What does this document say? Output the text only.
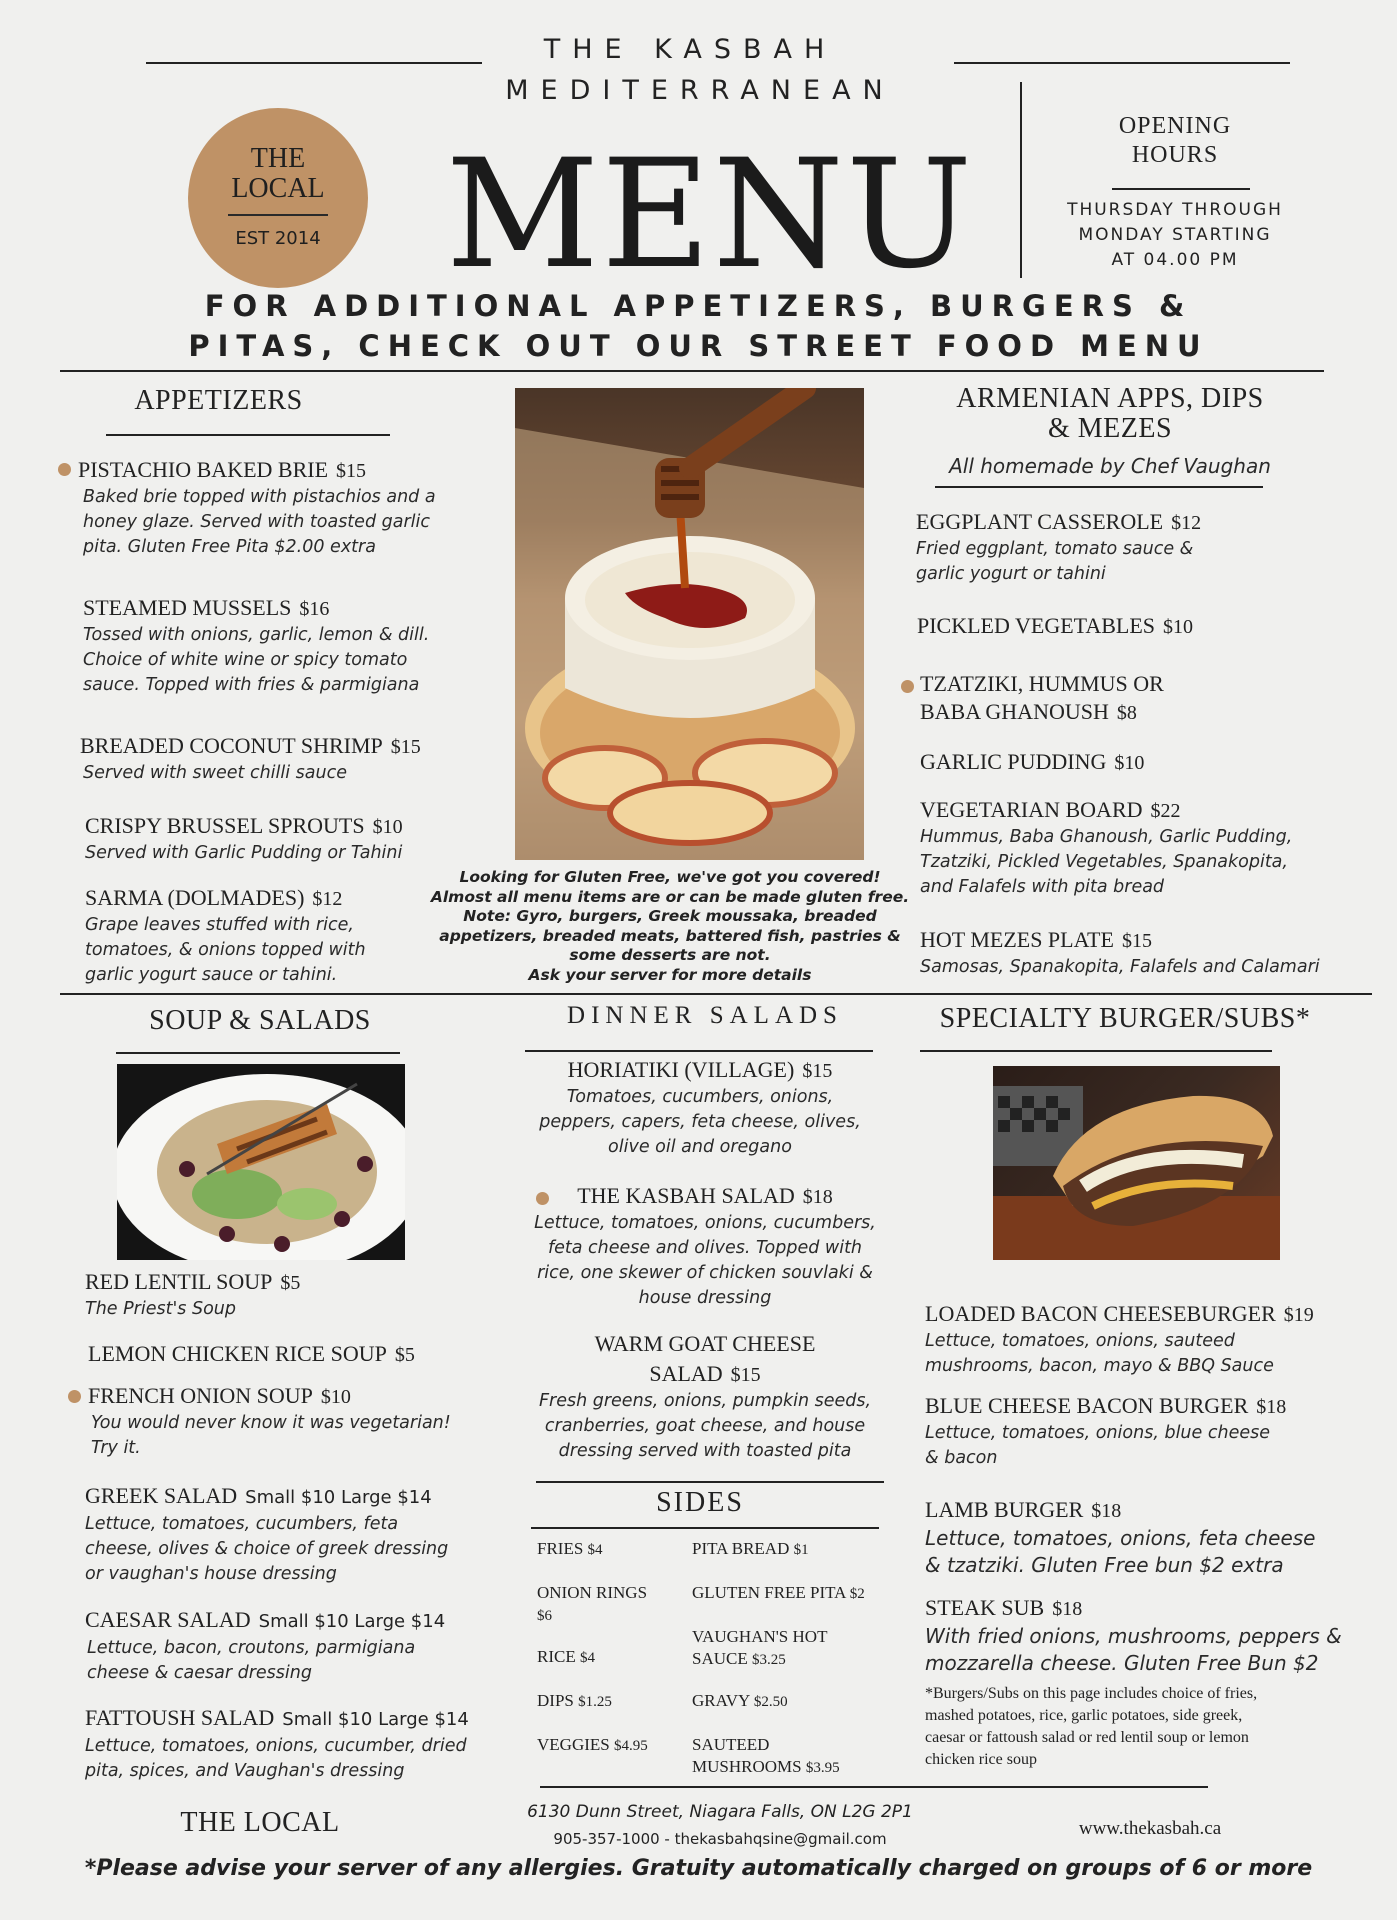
THE KASBAH
MEDITERRANEAN
THE
LOCAL
EST 2014 MENU
OPENING
HOURS
THURSDAY THROUGH
MONDAY STARTING
AT 04.00 PM
FOR ADDITIONAL APPETIZERS, BURGERS &
PITAS, CHECK OUT OUR STREET FOOD MENU
APPETIZERS
PISTACHIO BAKED BRIE $15
Baked brie topped with pistachios and a
honey glaze. Served with toasted garlic
pita. Gluten Free Pita $2.00 extra
STEAMED MUSSELS $16
Tossed with onions, garlic, lemon & dill.
Choice of white wine or spicy tomato
sauce. Topped with fries & parmigiana
BREADED COCONUT SHRIMP $15
Served with sweet chilli sauce
CRISPY BRUSSEL SPROUTS $10
Served with Garlic Pudding or Tahini
SARMA (DOLMADES) $12
Grape leaves stuffed with rice,
tomatoes, & onions topped with
garlic yogurt sauce or tahini.
Looking for Gluten Free, we've got you covered!
Almost all menu items are or can be made gluten free.
Note: Gyro, burgers, Greek moussaka, breaded
appetizers, breaded meats, battered fish, pastries &
some desserts are not.
Ask your server for more details
ARMENIAN APPS, DIPS
& MEZES
All homemade by Chef Vaughan
EGGPLANT CASSEROLE $12
Fried eggplant, tomato sauce &
garlic yogurt or tahini
PICKLED VEGETABLES $10
TZATZIKI, HUMMUS OR
BABA GHANOUSH $8
GARLIC PUDDING $10
VEGETARIAN BOARD $22
Hummus, Baba Ghanoush, Garlic Pudding,
Tzatziki, Pickled Vegetables, Spanakopita,
and Falafels with pita bread
HOT MEZES PLATE $15
Samosas, Spanakopita, Falafels and Calamari
SOUP & SALADS
RED LENTIL SOUP $5
The Priest's Soup
LEMON CHICKEN RICE SOUP $5
FRENCH ONION SOUP $10
You would never know it was vegetarian!
Try it.
GREEK SALAD Small $10 Large $14
Lettuce, tomatoes, cucumbers, feta
cheese, olives & choice of greek dressing
or vaughan's house dressing
CAESAR SALAD Small $10 Large $14
Lettuce, bacon, croutons, parmigiana
cheese & caesar dressing
FATTOUSH SALAD Small $10 Large $14
Lettuce, tomatoes, onions, cucumber, dried
pita, spices, and Vaughan's dressing
DINNER SALADS
HORIATIKI (VILLAGE) $15
Tomatoes, cucumbers, onions,
peppers, capers, feta cheese, olives,
olive oil and oregano
THE KASBAH SALAD $18
Lettuce, tomatoes, onions, cucumbers,
feta cheese and olives. Topped with
rice, one skewer of chicken souvlaki &
house dressing
WARM GOAT CHEESE
SALAD $15
Fresh greens, onions, pumpkin seeds,
cranberries, goat cheese, and house
dressing served with toasted pita
SIDES
FRIES $4
ONION RINGS
$6
RICE $4
DIPS $1.25
VEGGIES $4.95
PITA BREAD $1
GLUTEN FREE PITA $2
VAUGHAN'S HOT
SAUCE $3.25
GRAVY $2.50
SAUTEED
MUSHROOMS $3.95
SPECIALTY BURGER/SUBS*
LOADED BACON CHEESEBURGER $19
Lettuce, tomatoes, onions, sauteed
mushrooms, bacon, mayo & BBQ Sauce
BLUE CHEESE BACON BURGER $18
Lettuce, tomatoes, onions, blue cheese
& bacon
LAMB BURGER $18
Lettuce, tomatoes, onions, feta cheese
& tzatziki. Gluten Free bun $2 extra
STEAK SUB $18
With fried onions, mushrooms, peppers &
mozzarella cheese. Gluten Free Bun $2
*Burgers/Subs on this page includes choice of fries,
mashed potatoes, rice, garlic potatoes, side greek,
caesar or fattoush salad or red lentil soup or lemon
chicken rice soup
THE LOCAL	6130 Dunn Street, Niagara Falls, ON L2G 2P1
905-357-1000 - thekasbahqsine@gmail.com	www.thekasbah.ca
*Please advise your server of any allergies. Gratuity automatically charged on groups of 6 or more
